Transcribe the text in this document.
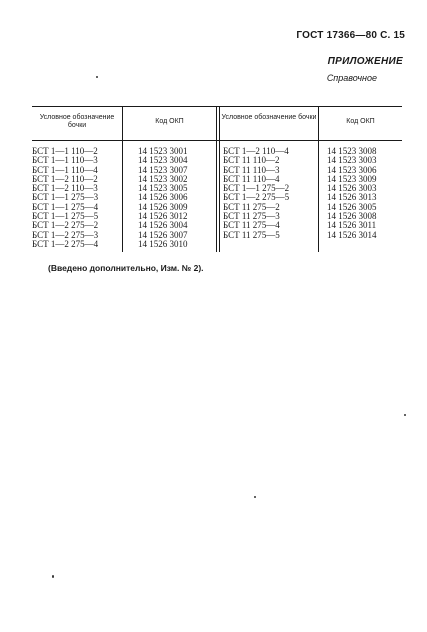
ГОСТ 17366—80 С. 15
ПРИЛОЖЕНИЕ
Справочное
Условное обозначение бочки
Код ОКП
Условное обозначение бочки
Код ОКП
БСТ 1—1 110—2
БСТ 1—1 110—3
БСТ 1—1 110—4
БСТ 1—2 110—2
БСТ 1—2 110—3
БСТ 1—1 275—3
БСТ 1—1 275—4
БСТ 1—1 275—5
БСТ 1—2 275—2
БСТ 1—2 275—3
БСТ 1—2 275—4
14 1523 3001
14 1523 3004
14 1523 3007
14 1523 3002
14 1523 3005
14 1526 3006
14 1526 3009
14 1526 3012
14 1526 3004
14 1526 3007
14 1526 3010
БСТ 1—2 110—4
БСТ 11 110—2
БСТ 11 110—3
БСТ 11 110—4
БСТ 1—1 275—2
БСТ 1—2 275—5
БСТ 11 275—2
БСТ 11 275—3
БСТ 11 275—4
БСТ 11 275—5
14 1523 3008
14 1523 3003
14 1523 3006
14 1523 3009
14 1526 3003
14 1526 3013
14 1526 3005
14 1526 3008
14 1526 3011
14 1526 3014
(Введено дополнительно, Изм. № 2).
